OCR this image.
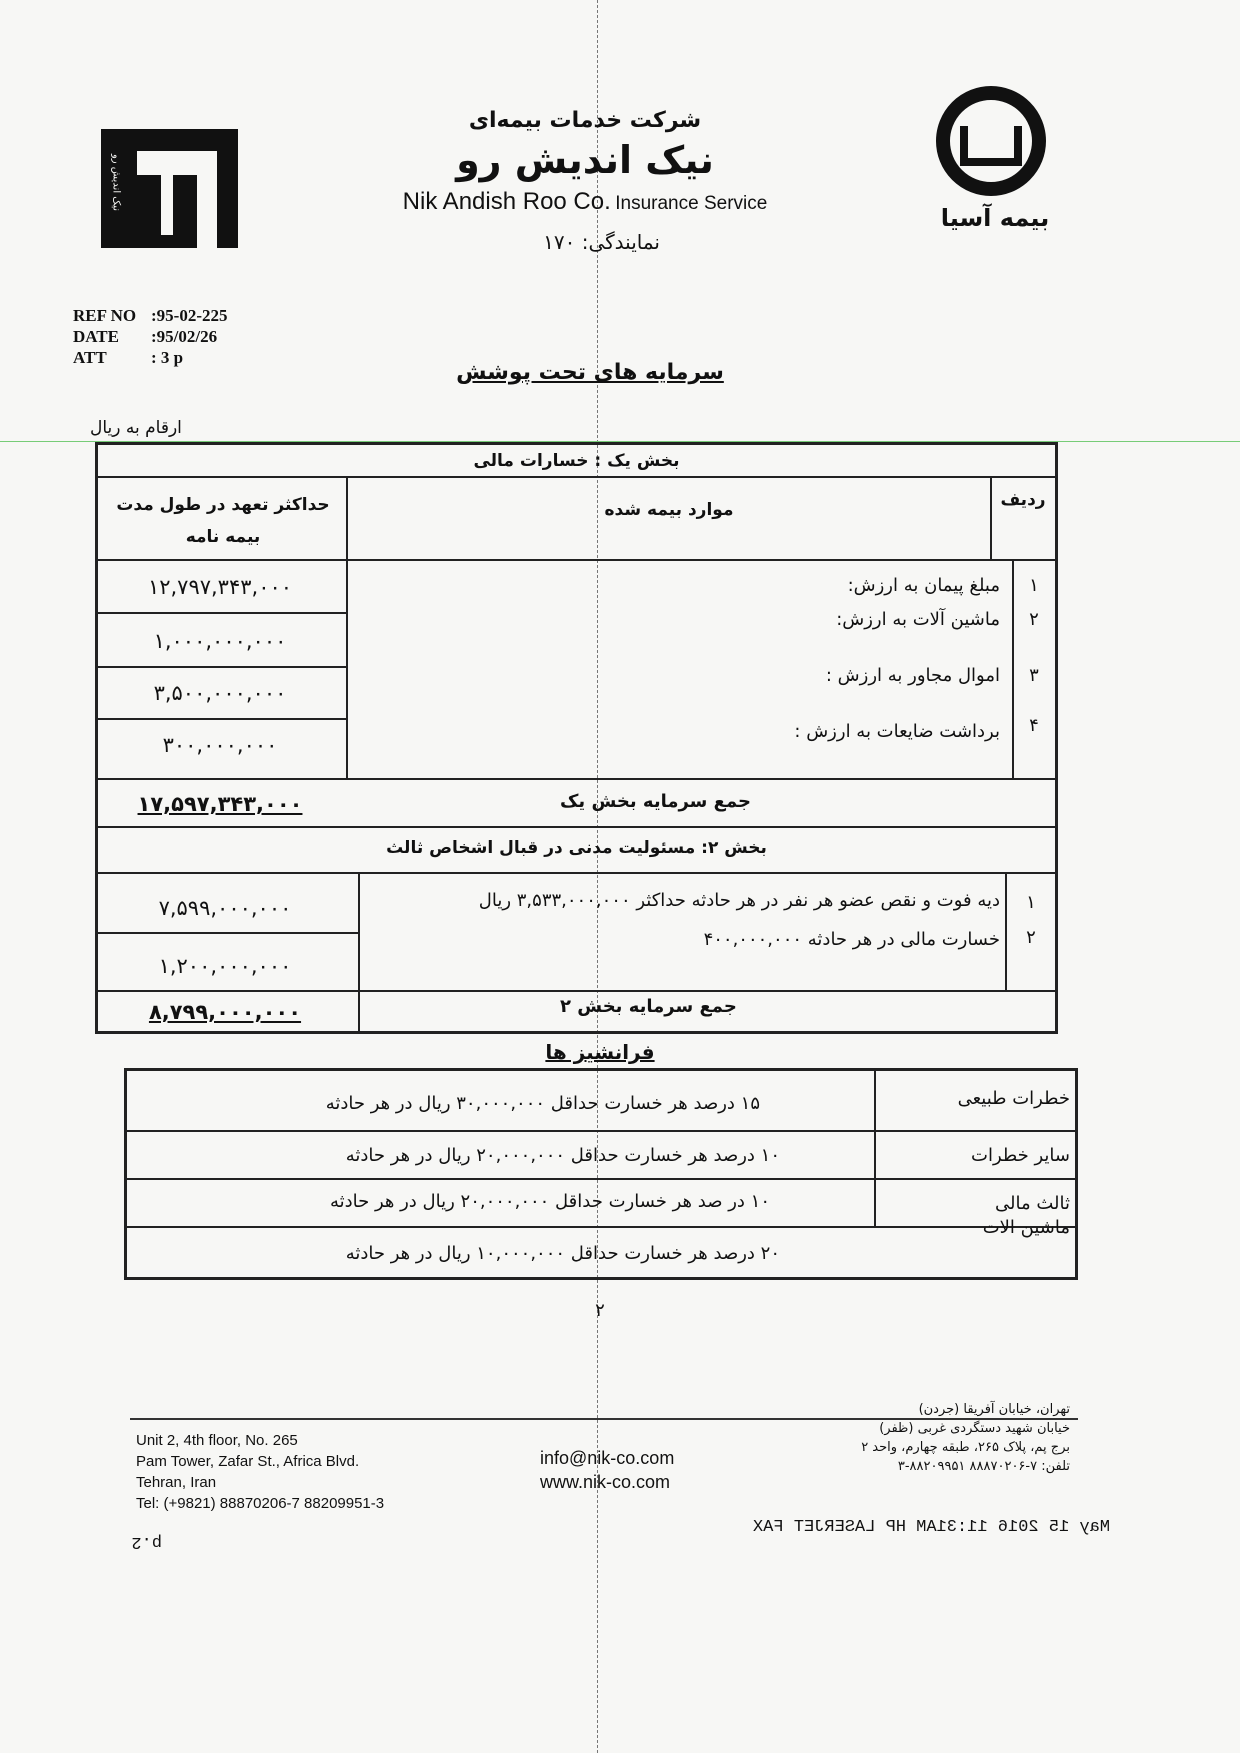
نیک اندیش رو
بیمه آسیا
شرکت خدمات بیمه‌ای
نیک اندیش رو
Nik Andish Roo Co. Insurance Service
نمایندگی: ۱۷۰
REF NO :95-02-225
DATE :95/02/26
ATT	: 3 p
سرمایه های تحت پوشش
ارقام به ریال
بخش یک : خسارات مالی
ردیف
موارد بیمه شده
حداکثر تعهد در طول مدت بیمه نامه
۱
مبلغ پیمان به ارزش:
۱۲,۷۹۷,۳۴۳,۰۰۰
۲
ماشین آلات به ارزش:
۱,۰۰۰,۰۰۰,۰۰۰
۳
اموال مجاور به ارزش :
۳,۵۰۰,۰۰۰,۰۰۰
۴
برداشت ضایعات به ارزش :
۳۰۰,۰۰۰,۰۰۰
جمع سرمایه بخش یک
۱۷,۵۹۷,۳۴۳,۰۰۰
بخش ۲: مسئولیت مدنی در قبال اشخاص ثالث
۱
دیه فوت و نقص عضو هر نفر در هر حادثه حداکثر ۳,۵۳۳,۰۰۰,۰۰۰ ریال
۷,۵۹۹,۰۰۰,۰۰۰
۲
خسارت مالی در هر حادثه ۴۰۰,۰۰۰,۰۰۰
۱,۲۰۰,۰۰۰,۰۰۰
جمع سرمایه بخش ۲
۸,۷۹۹,۰۰۰,۰۰۰
فرانشیز ها
خطرات طبیعی
۱۵ درصد هر خسارت حداقل ۳۰,۰۰۰,۰۰۰ ریال در هر حادثه
سایر خطرات
۱۰ درصد هر خسارت حداقل ۲۰,۰۰۰,۰۰۰ ریال در هر حادثه
ثالث مالی
۱۰ در صد هر خسارت حداقل ۲۰,۰۰۰,۰۰۰ ریال در هر حادثه
ماشین الات
۲۰ درصد هر خسارت حداقل ۱۰,۰۰۰,۰۰۰ ریال در هر حادثه
۲
Unit 2, 4th floor, No. 265
Pam Tower, Zafar St., Africa Blvd.
Tehran, Iran
Tel: (+9821) 88870206-7 88209951-3
info@nik-co.com
www.nik-co.com
تهران، خیابان آفریقا (جردن)
خیابان شهید دستگردی غربی (ظفر)
برج پم، پلاک ۲۶۵، طبقه چهارم، واحد ۲
تلفن: ۷-۸۸۸۷۰۲۰۶ ۸۸۲۰۹۹۵۱-۳
May 15 2016 11:31AM HP LASERJET FAX
p.2
